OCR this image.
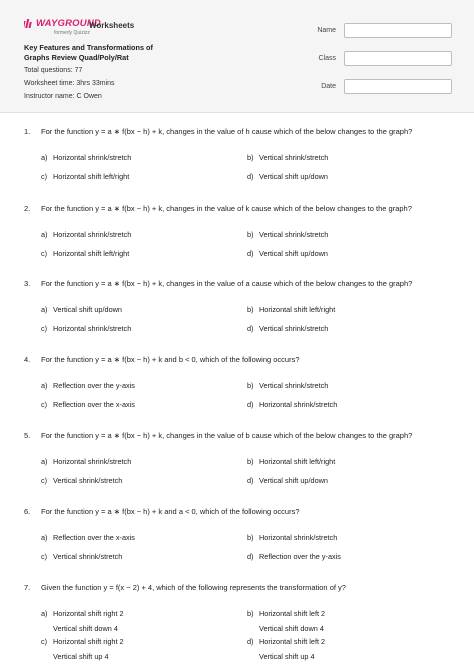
WAYGROUND
formerly Quizizz
Worksheets
Key Features and Transformations of
Graphs Review Quad/Poly/Rat
Total questions: 77
Worksheet time: 3hrs 33mins
Instructor name: C Owen
Name
Class
Date
1.	For the function y = a ∗ f(bx − h) + k, changes in the value of h cause which of the below changes to the graph?
a) Horizontal shrink/stretch	b) Vertical shrink/stretch
c) Horizontal shift left/right	d) Vertical shift up/down
2.	For the function y = a ∗ f(bx − h) + k, changes in the value of k cause which of the below changes to the graph?
a) Horizontal shrink/stretch	b) Vertical shrink/stretch
c) Horizontal shift left/right	d) Vertical shift up/down
3.	For the function y = a ∗ f(bx − h) + k, changes in the value of a cause which of the below changes to the graph?
a) Vertical shift up/down	b) Horizontal shift left/right
c) Horizontal shrink/stretch	d) Vertical shrink/stretch
4.	For the function y = a ∗ f(bx − h) + k and b < 0, which of the following occurs?
a) Reflection over the y-axis	b) Vertical shrink/stretch
c) Reflection over the x-axis	d) Horizontal shrink/stretch
5.	For the function y = a ∗ f(bx − h) + k, changes in the value of b cause which of the below changes to the graph?
a) Horizontal shrink/stretch	b) Horizontal shift left/right
c) Vertical shrink/stretch	d) Vertical shift up/down
6.	For the function y = a ∗ f(bx − h) + k and a < 0, which of the following occurs?
a) Reflection over the x-axis	b) Horizontal shrink/stretch
c) Vertical shrink/stretch	d) Reflection over the y-axis
7.	Given the function y = f(x − 2) + 4, which of the following represents the transformation of y?
a) Horizontal shift right 2
Vertical shift down 4
b) Horizontal shift left 2
Vertical shift down 4
c) Horizontal shift right 2
Vertical shift up 4
d) Horizontal shift left 2
Vertical shift up 4
